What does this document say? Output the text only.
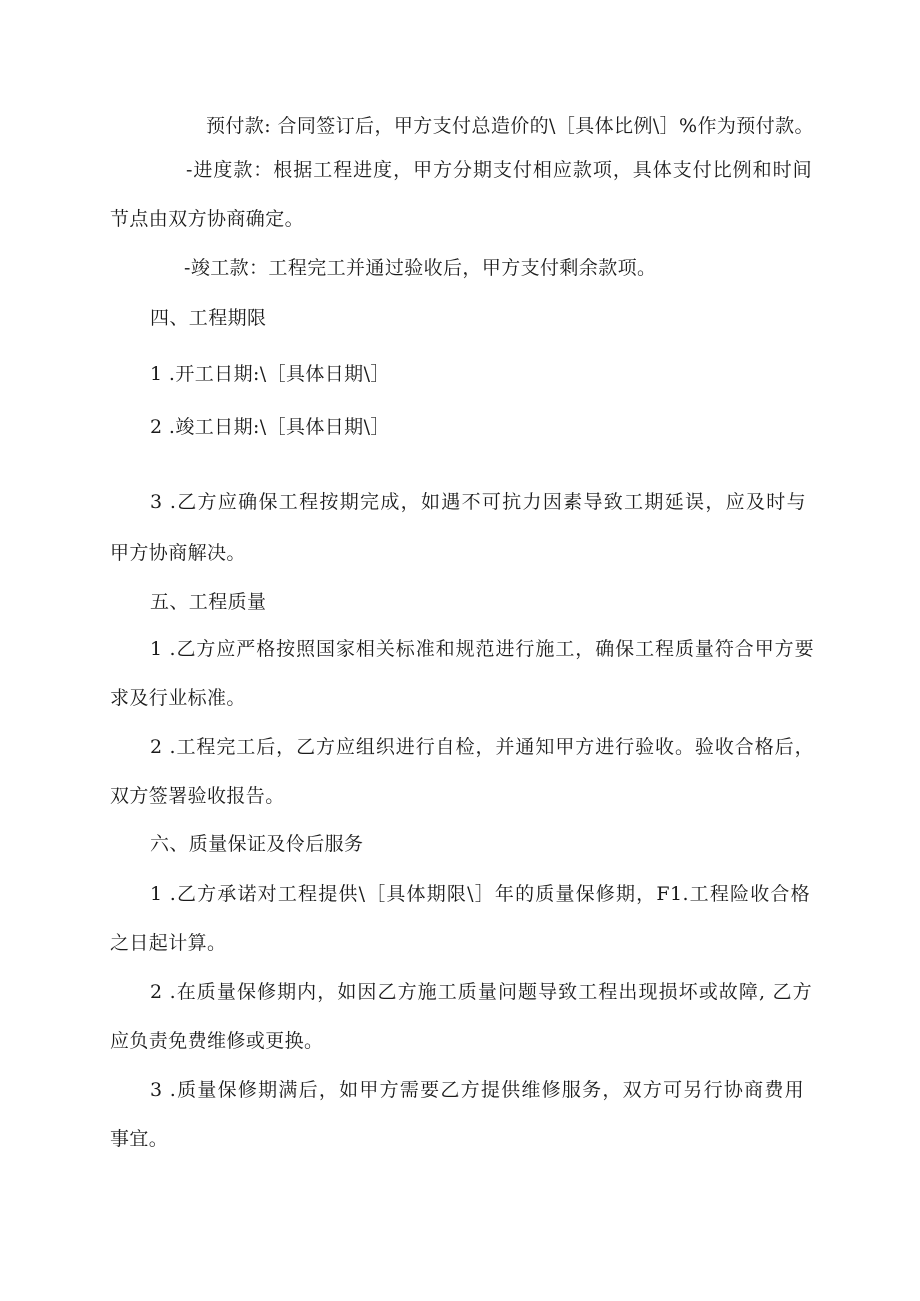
预付款: 合同签订后，甲方支付总造价的\［具体比例\］%作为预付款。
-进度款：根据工程进度，甲方分期支付相应款项，具体支付比例和时间
节点由双方协商确定。
-竣工款：工程完工并通过验收后，甲方支付剩余款项。
四、工程期限
1 .开工日期:\［具体日期\］
2 .竣工日期:\［具体日期\］
3 .乙方应确保工程按期完成，如遇不可抗力因素导致工期延误，应及时与
甲方协商解决。
五、工程质量
1 .乙方应严格按照国家相关标准和规范进行施工，确保工程质量符合甲方要
求及行业标准。
2 .工程完工后，乙方应组织进行自检，并通知甲方进行验收。验收合格后，
双方签署验收报告。
六、质量保证及伶后服务
1 .乙方承诺对工程提供\［具体期限\］年的质量保修期，F1.工程险收合格
之日起计算。
2 .在质量保修期内，如因乙方施工质量问题导致工程出现损坏或故障, 乙方
应负责免费维修或更换。
3 .质量保修期满后，如甲方需要乙方提供维修服务，双方可另行协商费用
事宜。
